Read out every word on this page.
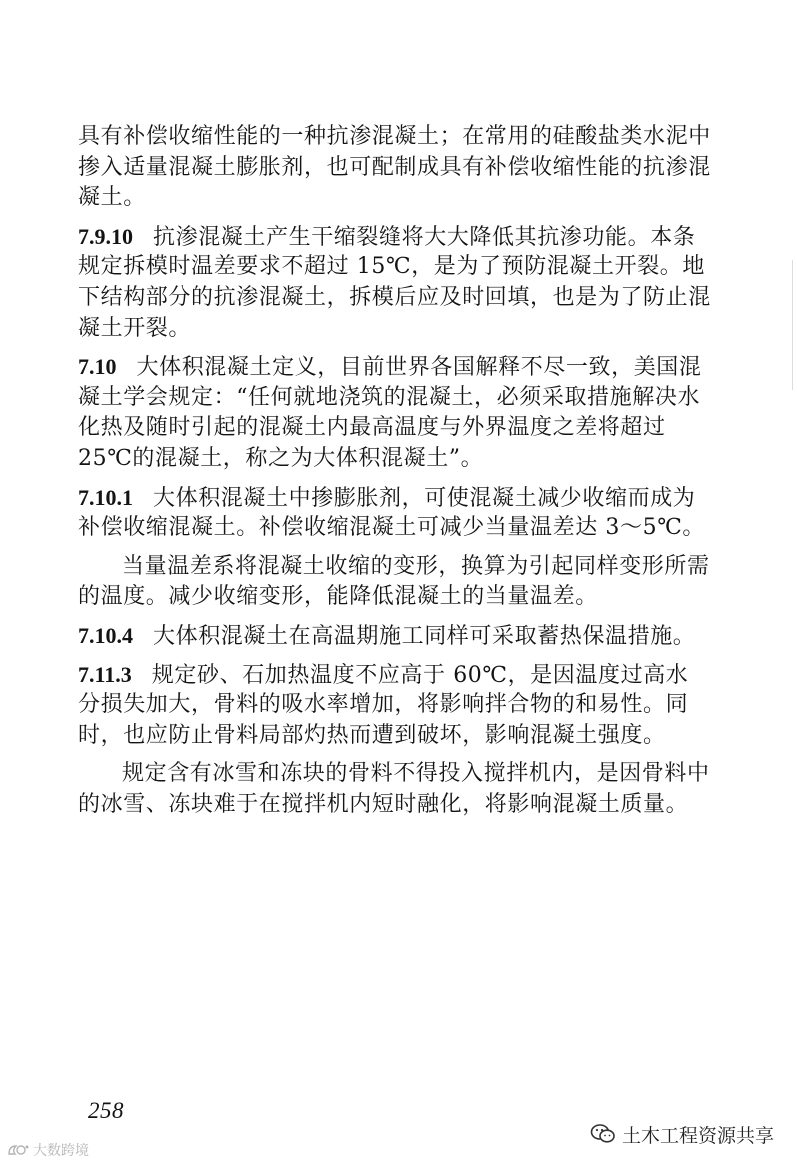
具有补偿收缩性能的一种抗渗混凝土；在常用的硅酸盐类水泥中
掺入适量混凝土膨胀剂，也可配制成具有补偿收缩性能的抗渗混
凝土。
7.9.10 抗渗混凝土产生干缩裂缝将大大降低其抗渗功能。本条
规定拆模时温差要求不超过 15℃，是为了预防混凝土开裂。地
下结构部分的抗渗混凝土，拆模后应及时回填，也是为了防止混
凝土开裂。
7.10 大体积混凝土定义，目前世界各国解释不尽一致，美国混
凝土学会规定：“任何就地浇筑的混凝土，必须采取措施解决水
化热及随时引起的混凝土内最高温度与外界温度之差将超过
25℃的混凝土，称之为大体积混凝土”。
7.10.1 大体积混凝土中掺膨胀剂，可使混凝土减少收缩而成为
补偿收缩混凝土。补偿收缩混凝土可减少当量温差达 3～5℃。
当量温差系将混凝土收缩的变形，换算为引起同样变形所需
的温度。减少收缩变形，能降低混凝土的当量温差。
7.10.4 大体积混凝土在高温期施工同样可采取蓄热保温措施。
7.11.3 规定砂、石加热温度不应高于 60℃，是因温度过高水
分损失加大，骨料的吸水率增加，将影响拌合物的和易性。同
时，也应防止骨料局部灼热而遭到破坏，影响混凝土强度。
规定含有冰雪和冻块的骨料不得投入搅拌机内，是因骨料中
的冰雪、冻块难于在搅拌机内短时融化，将影响混凝土质量。
258
土木工程资源共享
大数跨境
